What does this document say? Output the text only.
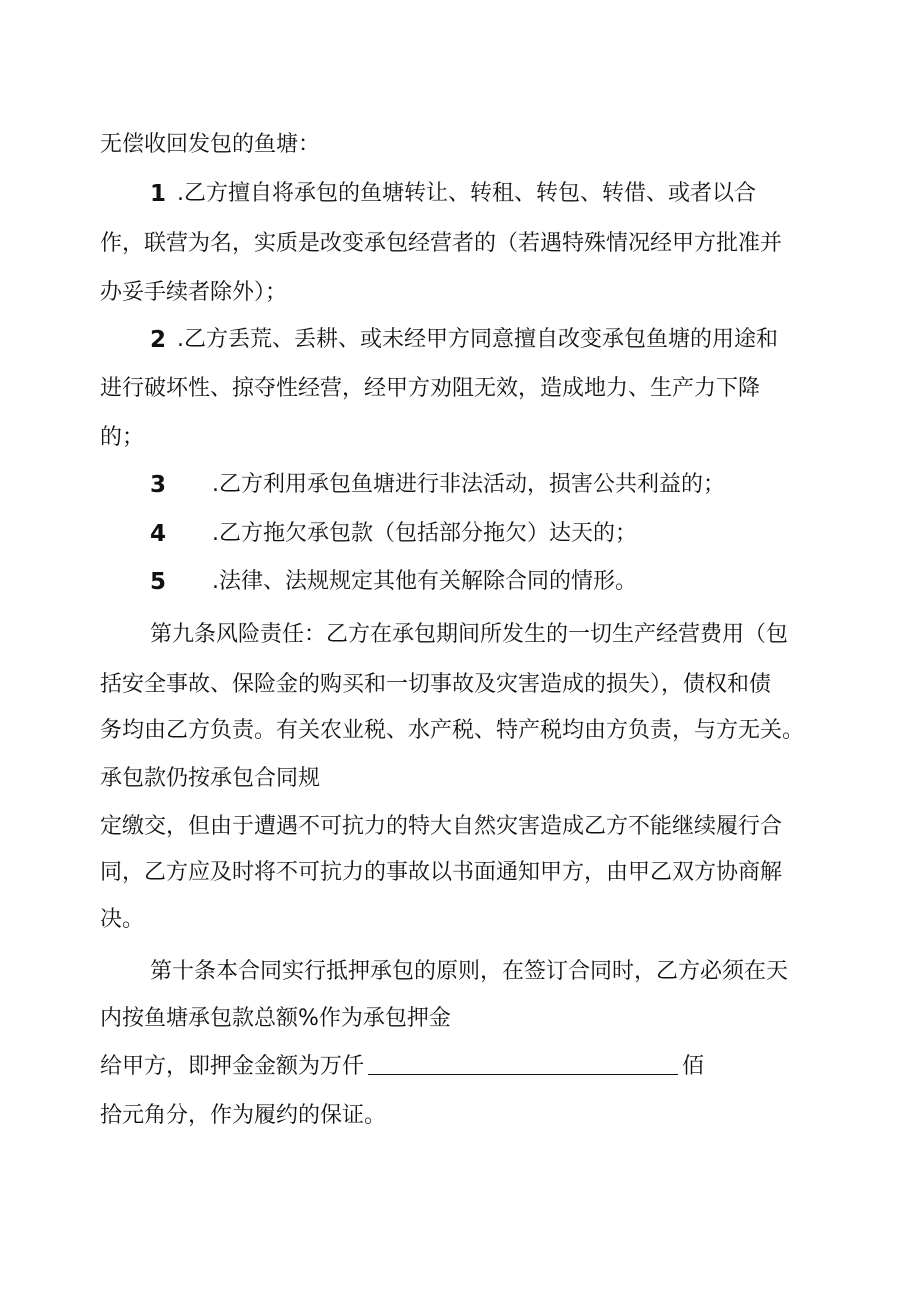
无偿收回发包的鱼塘：
1 .乙方擅自将承包的鱼塘转让、转租、转包、转借、或者以合
作，联营为名，实质是改变承包经营者的（若遇特殊情况经甲方批准并
办妥手续者除外）；
2 .乙方丢荒、丢耕、或未经甲方同意擅自改变承包鱼塘的用途和
进行破坏性、掠夺性经营，经甲方劝阻无效，造成地力、生产力下降
的；
3 .乙方利用承包鱼塘进行非法活动，损害公共利益的；
4 .乙方拖欠承包款（包括部分拖欠）达天的；
5 .法律、法规规定其他有关解除合同的情形。
第九条风险责任：乙方在承包期间所发生的一切生产经营费用（包
括安全事故、保险金的购买和一切事故及灾害造成的损失），债权和债
务均由乙方负责。有关农业税、水产税、特产税均由方负责，与方无关。
承包款仍按承包合同规
定缴交，但由于遭遇不可抗力的特大自然灾害造成乙方不能继续履行合
同，乙方应及时将不可抗力的事故以书面通知甲方，由甲乙双方协商解
决。
第十条本合同实行抵押承包的原则，在签订合同时，乙方必须在天
内按鱼塘承包款总额%作为承包押金
给甲方，即押金金额为万仟	佰
拾元角分，作为履约的保证。
